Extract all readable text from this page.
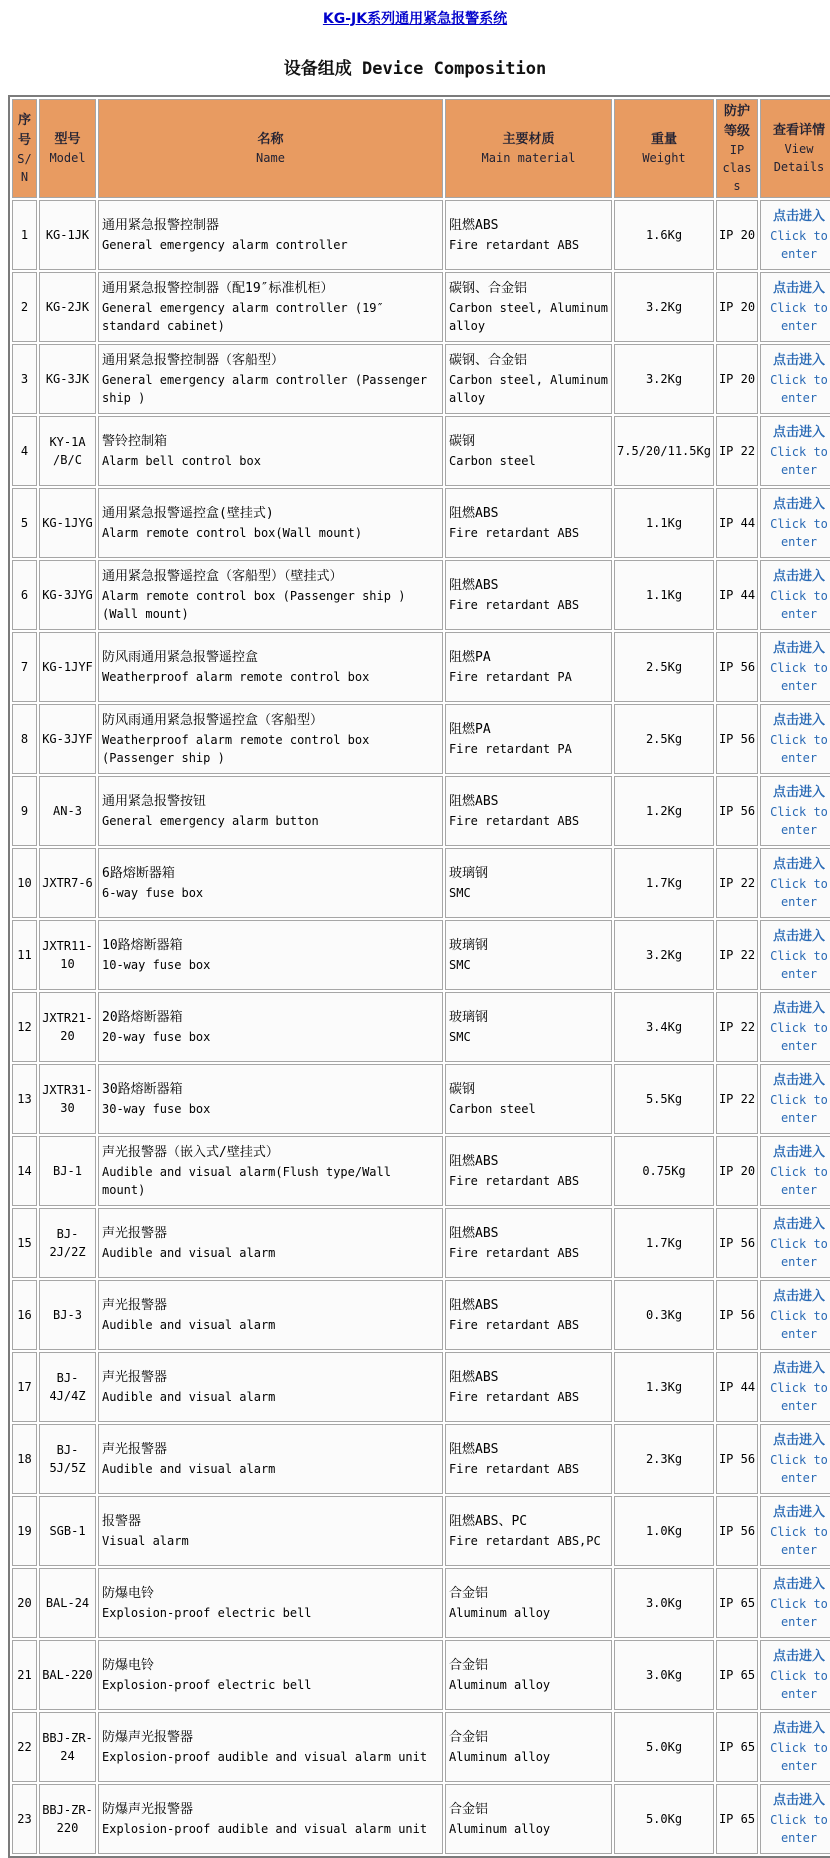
KG-JK系列通用紧急报警系统
设备组成 Device Composition
序号
S/N	型号
Model	名称
Name	主要材质
Main material	重量
Weight	防护等级
IP class	查看详情
View Details

1	KG-1JK	通用紧急报警控制器
General emergency alarm controller	阻燃ABS
Fire retardant ABS	1.6Kg	IP 20	点击进入
Click to enter

2	KG-2JK	通用紧急报警控制器（配19″标准机柜）
General emergency alarm controller (19″ standard cabinet)	碳钢、合金铝
Carbon steel, Aluminum alloy	3.2Kg	IP 20	点击进入
Click to enter

3	KG-3JK	通用紧急报警控制器（客船型）
General emergency alarm controller (Passenger ship )	碳钢、合金铝
Carbon steel, Aluminum alloy	3.2Kg	IP 20	点击进入
Click to enter

4	KY-1A /B/C	警铃控制箱
Alarm bell control box	碳钢
Carbon steel	7.5/20/11.5Kg	IP 22	点击进入
Click to enter

5	KG-1JYG	通用紧急报警遥控盒(壁挂式)
Alarm remote control box(Wall mount)	阻燃ABS
Fire retardant ABS	1.1Kg	IP 44	点击进入
Click to enter

6	KG-3JYG	通用紧急报警遥控盒（客船型）（壁挂式）
Alarm remote control box (Passenger ship ) (Wall mount)	阻燃ABS
Fire retardant ABS	1.1Kg	IP 44	点击进入
Click to enter

7	KG-1JYF	防风雨通用紧急报警遥控盒
Weatherproof alarm remote control box	阻燃PA
Fire retardant PA	2.5Kg	IP 56	点击进入
Click to enter

8	KG-3JYF	防风雨通用紧急报警遥控盒（客船型）
Weatherproof alarm remote control box (Passenger ship )	阻燃PA
Fire retardant PA	2.5Kg	IP 56	点击进入
Click to enter

9	AN-3	通用紧急报警按钮
General emergency alarm button	阻燃ABS
Fire retardant ABS	1.2Kg	IP 56	点击进入
Click to enter

10	JXTR7-6	6路熔断器箱
6-way fuse box	玻璃钢
SMC	1.7Kg	IP 22	点击进入
Click to enter

11	JXTR11-10	10路熔断器箱
10-way fuse box	玻璃钢
SMC	3.2Kg	IP 22	点击进入
Click to enter

12	JXTR21-20	20路熔断器箱
20-way fuse box	玻璃钢
SMC	3.4Kg	IP 22	点击进入
Click to enter

13	JXTR31-30	30路熔断器箱
30-way fuse box	碳钢
Carbon steel	5.5Kg	IP 22	点击进入
Click to enter

14	BJ-1	声光报警器（嵌入式/壁挂式）
Audible and visual alarm(Flush type/Wall mount)	阻燃ABS
Fire retardant ABS	0.75Kg	IP 20	点击进入
Click to enter

15	BJ-2J/2Z	声光报警器
Audible and visual alarm	阻燃ABS
Fire retardant ABS	1.7Kg	IP 56	点击进入
Click to enter

16	BJ-3	声光报警器
Audible and visual alarm	阻燃ABS
Fire retardant ABS	0.3Kg	IP 56	点击进入
Click to enter

17	BJ-4J/4Z	声光报警器
Audible and visual alarm	阻燃ABS
Fire retardant ABS	1.3Kg	IP 44	点击进入
Click to enter

18	BJ-5J/5Z	声光报警器
Audible and visual alarm	阻燃ABS
Fire retardant ABS	2.3Kg	IP 56	点击进入
Click to enter

19	SGB-1	报警器
Visual alarm	阻燃ABS、PC
Fire retardant ABS,PC	1.0Kg	IP 56	点击进入
Click to enter

20	BAL-24	防爆电铃
Explosion-proof electric bell	合金铝
Aluminum alloy	3.0Kg	IP 65	点击进入
Click to enter

21	BAL-220	防爆电铃
Explosion-proof electric bell	合金铝
Aluminum alloy	3.0Kg	IP 65	点击进入
Click to enter

22	BBJ-ZR-24	防爆声光报警器
Explosion-proof audible and visual alarm unit	合金铝
Aluminum alloy	5.0Kg	IP 65	点击进入
Click to enter

23	BBJ-ZR-220	防爆声光报警器
Explosion-proof audible and visual alarm unit	合金铝
Aluminum alloy	5.0Kg	IP 65	点击进入
Click to enter
